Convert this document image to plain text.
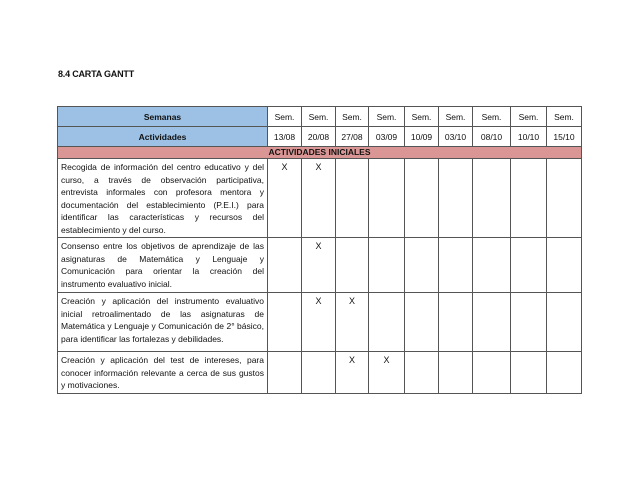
8.4 CARTA GANTT
Semanas	Sem.	Sem.	Sem.	Sem.	Sem.	Sem.	Sem.	Sem.	Sem.
Actividades	13/08	20/08	27/08	03/09	10/09	03/10	08/10	10/10	15/10
ACTIVIDADES INICIALES									
Recogida de información del centro educativo y del curso, a través de observación participativa, entrevista informales con profesora mentora y documentación del establecimiento (P.E.I.) para identificar las características y recursos del establecimiento y del curso.	X	X							
Consenso entre los objetivos de aprendizaje de las asignaturas de Matemática y Lenguaje y Comunicación para orientar la creación del instrumento evaluativo inicial.		X							
Creación y aplicación del instrumento evaluativo inicial retroalimentado de las asignaturas de Matemática y Lenguaje y Comunicación de 2° básico, para identificar las fortalezas y debilidades.		X	X						
Creación y aplicación del test de intereses, para conocer información relevante a cerca de sus gustos y motivaciones.			X	X					
